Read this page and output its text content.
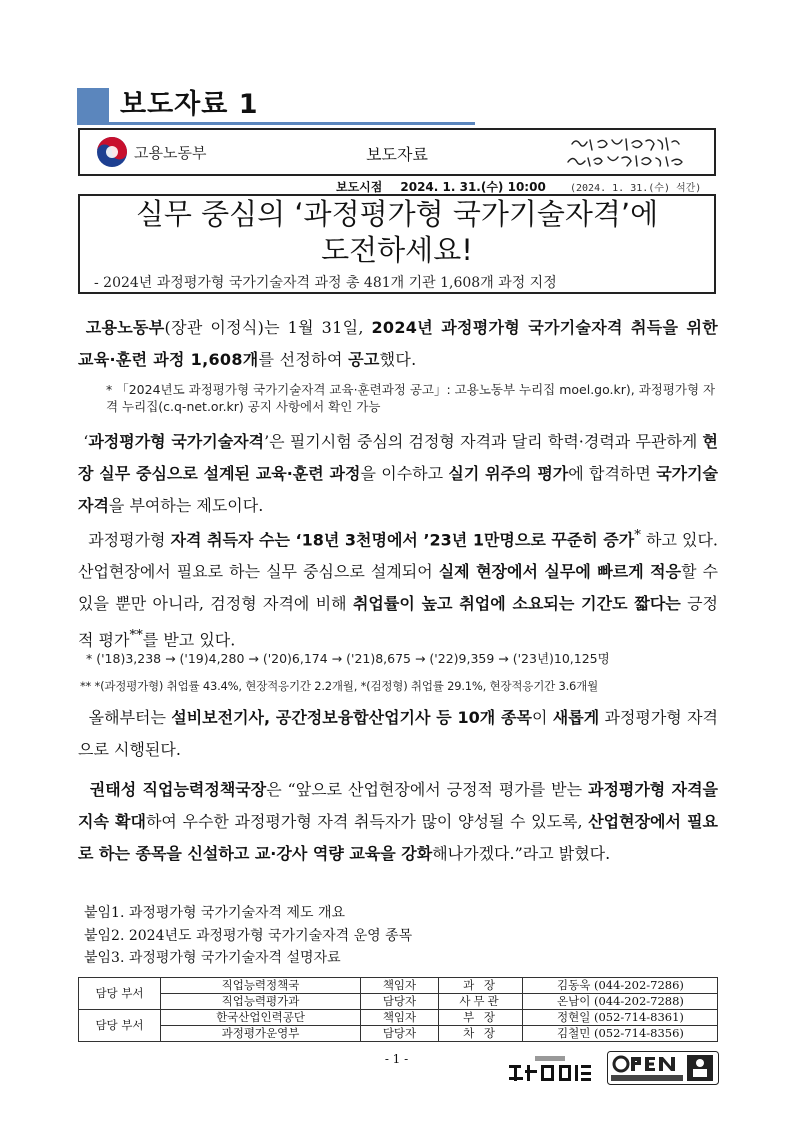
보도자료 1
고용노동부	보도자료
보도시점 2024. 1. 31.(수) 10:00 (2024. 1. 31.(수) 석간)
실무 중심의 ‘과정평가형 국가기술자격’에
도전하세요!
- 2024년 과정평가형 국가기술자격 과정 총 481개 기관 1,608개 과정 지정
고용노동부(장관 이정식)는 1월 31일, 2024년 과정평가형 국가기술자격 취득을 위한 교육·훈련 과정 1,608개를 선정하여 공고했다.
* 「2024년도 과정평가형 국가기술자격 교육·훈련과정 공고」: 고용노동부 누리집 moel.go.kr), 과정평가형 자격 누리집(c.q-net.or.kr) 공지 사항에서 확인 가능
‘과정평가형 국가기술자격’은 필기시험 중심의 검정형 자격과 달리 학력·경력과 무관하게 현장 실무 중심으로 설계된 교육·훈련 과정을 이수하고 실기 위주의 평가에 합격하면 국가기술자격을 부여하는 제도이다.
과정평가형 자격 취득자 수는 ‘18년 3천명에서 ’23년 1만명으로 꾸준히 증가* 하고 있다. 산업현장에서 필요로 하는 실무 중심으로 설계되어 실제 현장에서 실무에 빠르게 적응할 수 있을 뿐만 아니라, 검정형 자격에 비해 취업률이 높고 취업에 소요되는 기간도 짧다는 긍정적 평가**를 받고 있다.
* ('18)3,238 → ('19)4,280 → ('20)6,174 → ('21)8,675 → ('22)9,359 → ('23년)10,125명
** *(과정평가형) 취업률 43.4%, 현장적응기간 2.2개월, *(검정형) 취업률 29.1%, 현장적응기간 3.6개월
올해부터는 설비보전기사, 공간정보융합산업기사 등 10개 종목이 새롭게 과정평가형 자격으로 시행된다.
권태성 직업능력정책국장은 “앞으로 산업현장에서 긍정적 평가를 받는 과정평가형 자격을 지속 확대하여 우수한 과정평가형 자격 취득자가 많이 양성될 수 있도록, 산업현장에서 필요로 하는 종목을 신설하고 교·강사 역량 교육을 강화해나가겠다.”라고 밝혔다.
붙임1. 과정평가형 국가기술자격 제도 개요
붙임2. 2024년도 과정평가형 국가기술자격 운영 종목
붙임3. 과정평가형 국가기술자격 설명자료
담당 부서	직업능력정책국	책임자	과 장	김동욱 (044-202-7286)
	직업능력평가과	담당자	사무관	온남이 (044-202-7288)
담당 부서	한국산업인력공단	책임자	부 장	정현일 (052-714-8361)
	과정평가운영부	담당자	차 장	김철민 (052-714-8356)
- 1 -
